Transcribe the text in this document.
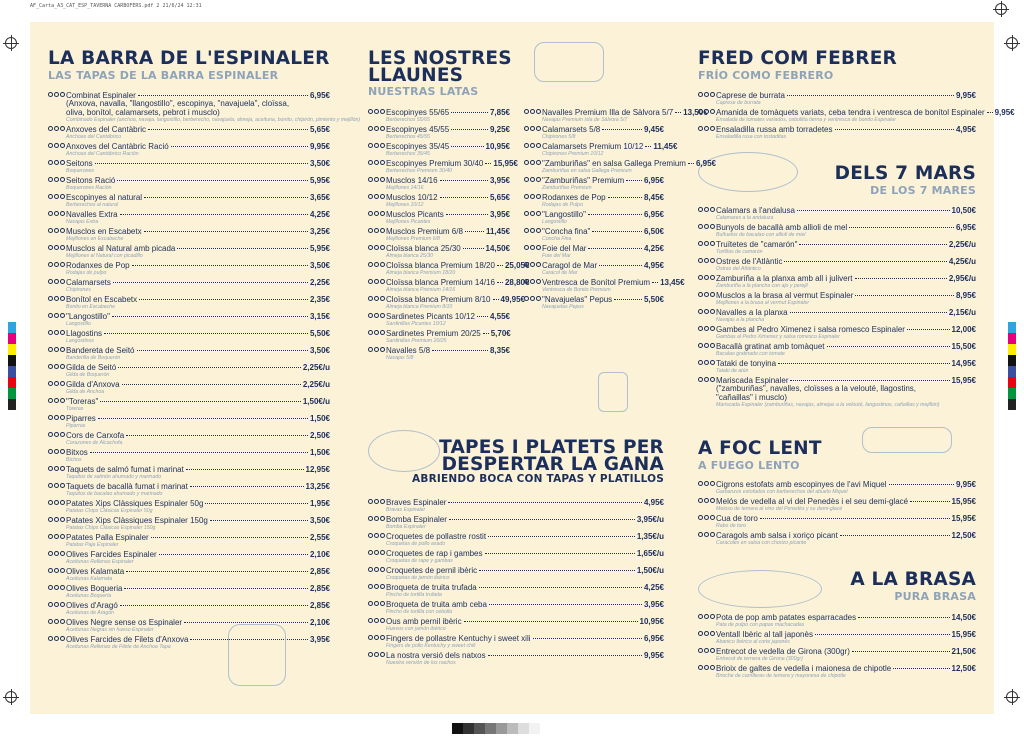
AF_Carta_A3_CAT_ESP_TAVERNA CARBOFERS.pdf 2 21/6/24 12:31
LA BARRA DE L'ESPINALER
LAS TAPAS DE LA BARRA ESPINALER
Combinat Espinaler	6,95€
(Anxova, navalla, "llangostillo", escopinya, "navajuela", cloïssa, oliva, bonítol, calamarsets, pebrot i musclo)
Combinado Espinaler (anchoa, navaja, langostillo, berberecho, navajuela, almeja, aceituna, bonito, chipirón, pimiento y mejillón)
Anxoves del Cantàbric	5,65€
Anchoas del Cantábrico
Anxoves del Cantàbric Ració	9,95€
Anchoas del Cantábrico Ración
Seitons	3,50€
Boquerones
Seitons Ració	5,95€
Boquerones Ración
Escopinyes al natural	3,65€
Berberechos al natural
Navalles Extra	4,25€
Navajas Extra
Musclos en Escabetx	3,25€
Mejillones en Escabeche
Musclos al Natural amb picada	5,95€
Mejillones al Natural con picadillo
Rodanxes de Pop	3,50€
Rodajas de pulpo
Calamarsets	2,25€
Chipirones
Bonítol en Escabetx	2,35€
Bonito en Escabeche
"Langostillo"	3,15€
Langostillo
Llagostins	5,50€
Langostinos
Bandereta de Seitó	3,50€
Banderilla de Boquerón
Gilda de Seitó	2,25€/u
Gilda de Boquerón
Gilda d'Anxova	2,25€/u
Gilda de Anchoa
"Toreras"	1,50€/u
Toreras
Piparres	1,50€
Piparras
Cors de Carxofa	2,50€
Corazones de Alcachofa
Bitxos	1,50€
Bichos
Taquets de salmó fumat i marinat	12,95€
Taquitos de salmón ahumado y marinado
Taquets de bacallà fumat i marinat	13,25€
Taquitos de bacalao ahumado y marinado
Patates Xips Clàssiques Espinaler 50g	1,95€
Patatas Chips Clásicas Espinaler 50g
Patates Xips Clàssiques Espinaler 150g	3,50€
Patatas Chips Clásicas Espinaler 150g
Patates Palla Espinaler	2,55€
Patatas Paja Espinaler
Olives Farcides Espinaler	2,10€
Aceitunas Rellenas Espinaler
Olives Kalamata	2,85€
Aceitunas Kalamata
Olives Boqueria	2,85€
Aceitunas Boquería
Olives d'Aragó	2,85€
Aceitunas de Aragón
Olives Negre sense os Espinaler	2,10€
Aceitunas Negras sin hueso Espinaler
Olives Farcides de Filets d'Anxova	3,95€
Aceitunas Rellenas de Filete de Anchoa Tapa
LES NOSTRES LLAUNES
NUESTRAS LATAS
Escopinyes 55/65	7,85€
Berberechos 55/65
Escopinyes 45/55	9,25€
Berberechos 45/55
Escopinyes 35/45	10,95€
Berberechos 35/45
Escopinyes Premium 30/40 15,95€
Berberechos Premium 30/40
Musclos 14/16	3,95€
Mejillones 14/16
Musclos 10/12	5,65€
Mejillones 10/12
Musclos Picants	3,95€
Mejillones Picantes
Musclos Premium 6/8	11,45€
Mejillones Premium 6/8
Cloïssa blanca 25/30	14,50€
Almeja blanca 25/30
Cloïssa blanca Premium 18/20 25,05€
Almeja blanca Premium 18/20
Cloïssa blanca Premium 14/16 28,80€
Almeja blanca Premium 14/16
Cloïssa blanca Premium 8/10 49,95€
Almeja blanca Premium 8/10
Sardinetes Picants 10/12 4,55€
Sardinillas Picantes 10/12
Sardinetes Premium 20/25 5,70€
Sardinillas Premium 20/25
Navalles 5/8	8,35€
Navajas 5/8
Navalles Premium Illa de Sàlvora 5/7 13,50€
Navajas Premium Isla de Sálvora 5/7
Calamarsets 5/8	9,45€
Chipirones 5/8
Calamarsets Premium 10/12 11,45€
Chipirones Premium 10/12
"Zamburiñas" en salsa Gallega Premium 6,95€
Zamburiñas en salsa Gallega Premium
"Zamburiñas" Premium 6,95€
Zamburiñas Premium
Rodanxes de Pop	8,45€
Rodajas de Pulpo
"Langostillo"	6,95€
Langostillo
"Concha fina"	6,50€
Concha Fina
Foie del Mar	4,25€
Foie del Mar
Caragol de Mar	4,95€
Caracol de Mar
Ventresca de Bonítol Premium 13,45€
Ventresca de Bonito Premium
"Navajuelas" Pepus	5,50€
Navajuelas Pepus
TAPES I PLATETS PER
DESPERTAR LA GANA
ABRIENDO BOCA CON TAPAS Y PLATILLOS
Braves Espinaler	4,95€
Bravas Espinaler
Bomba Espinaler	3,95€/u
Bomba Espinaler
Croquetes de pollastre rostit	1,35€/u
Croquetas de pollo asado
Croquetes de rap i gambes	1,65€/u
Croquetas de rape y gambas
Croquetes de pernil ibèric	1,50€/u
Croquetas de jamón ibérico
Broqueta de truita trufada	4,25€
Pincho de tortilla trufada
Broqueta de truita amb ceba	3,95€
Pincho de tortilla con cebolla
Ous amb pernil ibèric	10,95€
Huevos con jamón ibérico
Fingers de pollastre Kentuchy i sweet xili	6,95€
Fingers de pollo Kentuchy y sweet chili
La nostra versió dels natxos	9,95€
Nuestra versión de los nachos
FRED COM FEBRER
FRÍO COMO FEBRERO
Caprese de burrata	9,95€
Caprese de burrata
Amanida de tomàquets variats, ceba tendra i ventresca de bonítol Espinaler 9,95€
Ensalada de tomates variados, cebollita tierna y ventresca de bonito Espinaler
Ensaladilla russa amb torradetes	4,95€
Ensaladilla rusa con tostaditas
DELS 7 MARS
DE LOS 7 MARES
Calamars a l'andalusa	10,50€
Calamares a la andaluza
Bunyols de bacallà amb allioli de mel	6,95€
Buñuelos de bacalao con allioli de miel
Truïtetes de "camarón"	2,25€/u
Tortillas de camarón
Ostres de l'Atlàntic	4,25€/u
Ostras del Atlántico
Zamburiña a la planxa amb all i julivert	2,95€/u
Zamburiña a la plancha con ajo y perejil
Musclos a la brasa al vermut Espinaler	8,95€
Mejillones a la brasa al vermut Espinaler
Navalles a la planxa	2,15€/u
Navajas a la plancha
Gambes al Pedro Ximenez i salsa romesco Espinaler	12,00€
Gambas al Pedro Ximenez y salsa romesco Espinaler
Bacallà gratinat amb tomàquet	15,50€
Bacalao gratinado con tomate
Tataki de tonyina	14,95€
Tataki de atún
Mariscada Espinaler	15,95€
("zamburiñas", navalles, cloïsses a la velouté, llagostins, "cañaillas" i musclo)
Mariscada Espinaler (zamburiñas, navajas, almejas a la velouté, langostinos, cañaillas y mejillón)
A FOC LENT
A FUEGO LENTO
Cigrons estofats amb escopinyes de l'avi Miquel	9,95€
Garbanzos estofados con berberechos del abuelo Miquel
Melós de vedella al vi del Penedès i el seu demi-glacé	15,95€
Meloso de ternera al vino del Penedès y su demi-glacé
Cua de toro	15,95€
Rabo de toro
Caragols amb salsa i xoriço picant	12,50€
Caracoles en salsa con chorizo picante
A LA BRASA
PURA BRASA
Pota de pop amb patates esparracades	14,50€
Pata de pulpo con papas machacadas
Ventall Ibèric al tall japonès	15,95€
Abanico Ibérico al corte japonés
Entrecot de vedella de Girona (300gr)	21,50€
Entrecot de ternera de Girona (300gr)
Brioix de galtes de vedella i maionesa de chipotle	12,50€
Brioche de carrilleras de ternera y mayonesa de chipotle
